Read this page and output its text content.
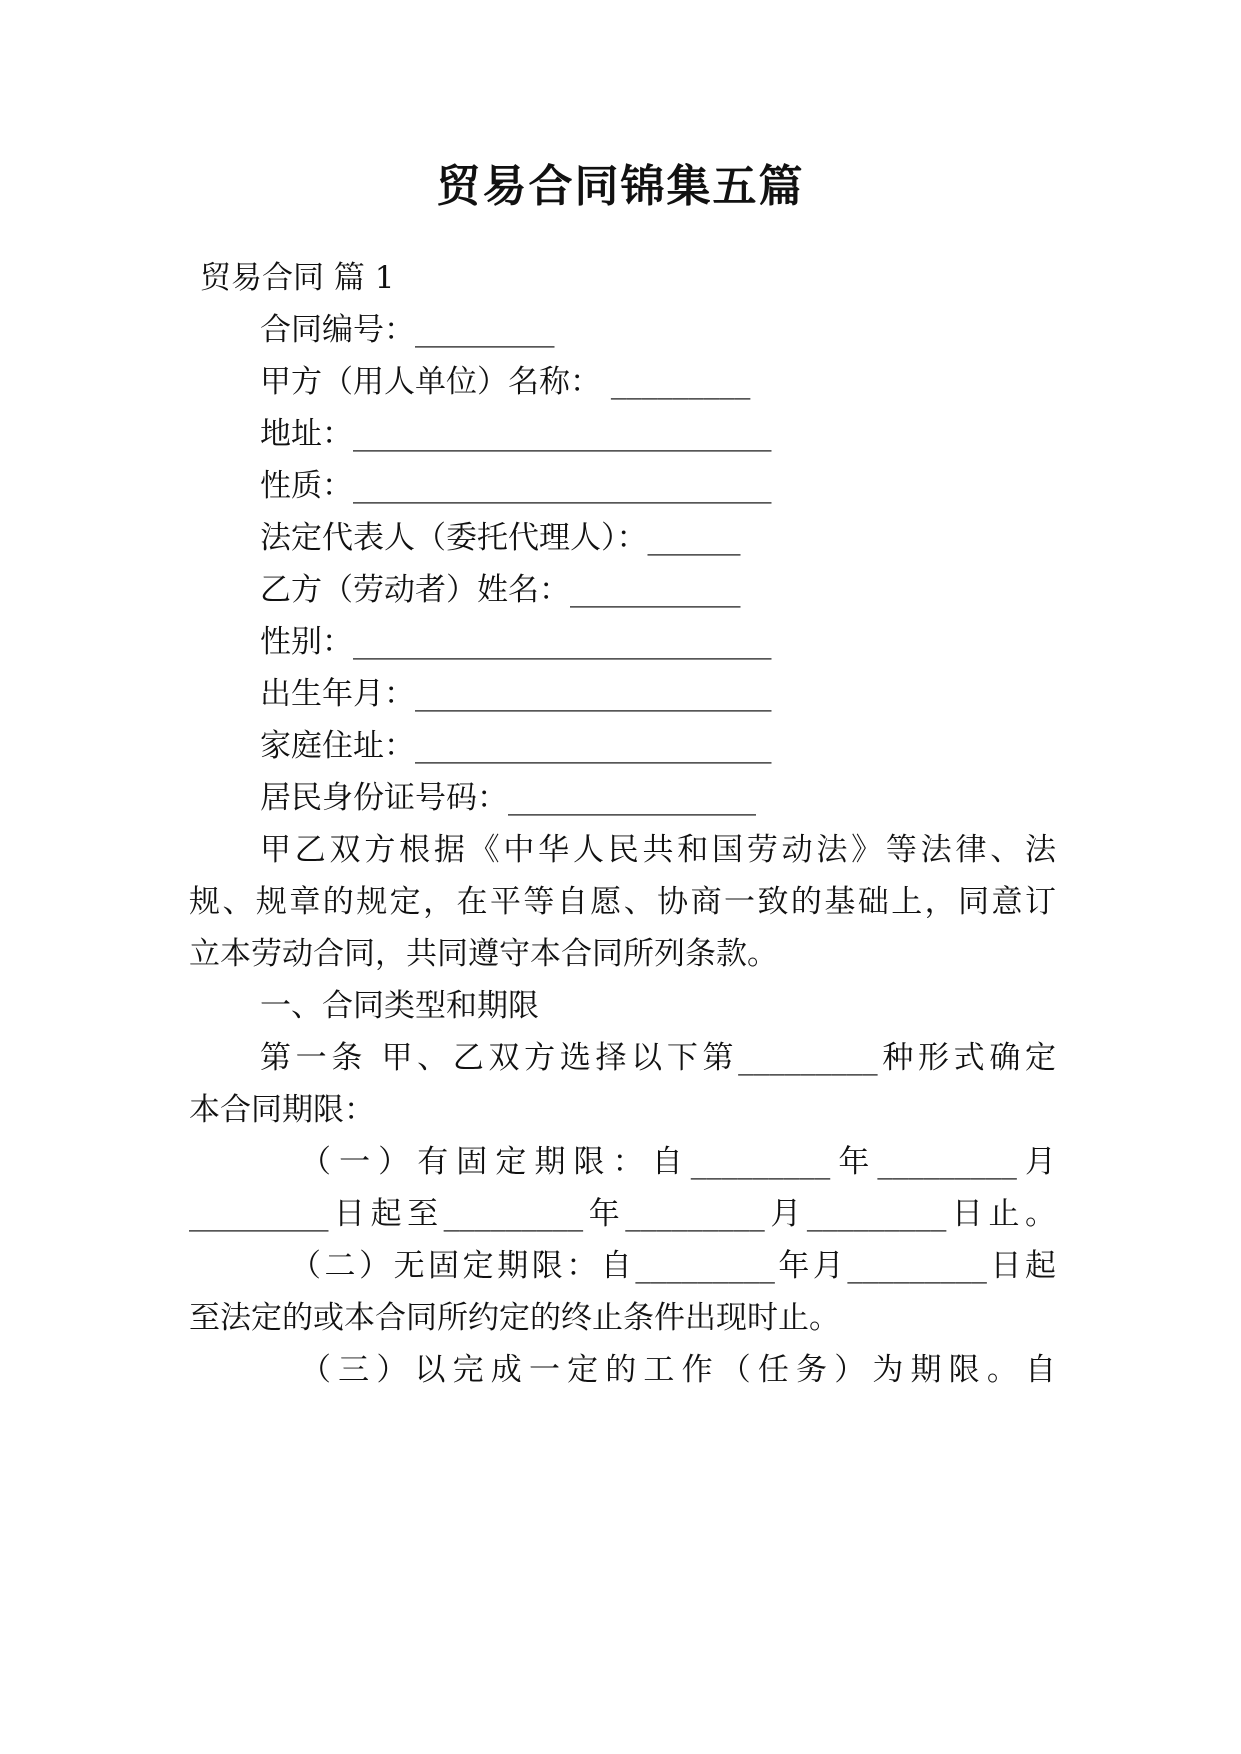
贸易合同锦集五篇
贸易合同 篇 1
合同编号：_________
甲方（用人单位）名称： _________
地址：___________________________
性质：___________________________
法定代表人（委托代理人）：______
乙方（劳动者）姓名：___________
性别：___________________________
出生年月：_______________________
家庭住址：_______________________
居民身份证号码：________________
甲乙双方根据《中华人民共和国劳动法》等法律、法
规、规章的规定，在平等自愿、协商一致的基础上，同意订
立本劳动合同，共同遵守本合同所列条款。
一、合同类型和期限
第一条 甲、乙双方选择以下第_________种形式确定
本合同期限：
（一）有固定期限：自_________年_________月
_________日起至_________年_________月_________日止。
（二）无固定期限：自_________年月_________日起
至法定的或本合同所约定的终止条件出现时止。
（三）以完成一定的工作（任务）为期限。自
